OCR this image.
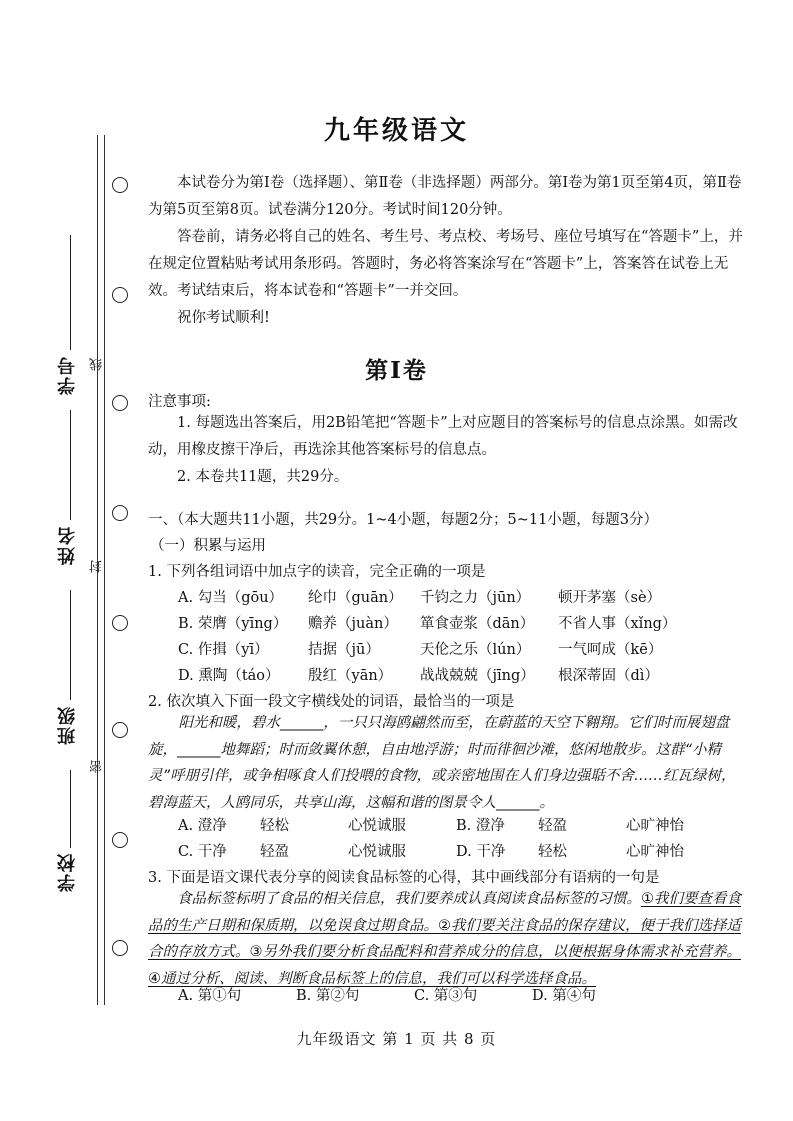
学号 线
姓名
封
班级
密
学校
九年级语文

本试卷分为第Ⅰ卷（选择题）、第Ⅱ卷（非选择题）两部分。第Ⅰ卷为第1页至第4页，第Ⅱ卷为第5页至第8页。试卷满分120分。考试时间120分钟。

答卷前，请务必将自己的姓名、考生号、考点校、考场号、座位号填写在“答题卡”上，并在规定位置粘贴考试用条形码。答题时，务必将答案涂写在“答题卡”上，答案答在试卷上无效。考试结束后，将本试卷和“答题卡”一并交回。

祝你考试顺利!

第Ⅰ卷
注意事项:

1. 每题选出答案后，用2B铅笔把“答题卡”上对应题目的答案标号的信息点涂黑。如需改动，用橡皮擦干净后，再选涂其他答案标号的信息点。

2. 本卷共11题，共29分。

一、（本大题共11小题，共29分。1~4小题，每题2分；5~11小题，每题3分）
（一）积累与运用
1. 下列各组词语中加点字的读音，完全正确的一项是
A. 勾当（gōu）	纶巾（guān）	千钧之力（jūn）	顿开茅塞（sè）
B. 荣膺（yīng）	赡养（juàn）	箪食壶浆（dān）	不省人事（xǐng）
C. 作揖（yī）	拮据（jū）	天伦之乐（lún）	一气呵成（kē）
D. 熏陶（táo）	殷红（yān）	战战兢兢（jīng）	根深蒂固（dì）
2. 依次填入下面一段文字横线处的词语，最恰当的一项是

阳光和暖，碧水______，一只只海鸥翩然而至，在蔚蓝的天空下翱翔。它们时而展翅盘旋，______地舞蹈；时而敛翼休憩，自由地浮游；时而徘徊沙滩，悠闲地散步。这群“小精灵”呼朋引伴，或争相啄食人们投喂的食物，或亲密地围在人们身边强聒不舍……红瓦绿树，碧海蓝天，人鸥同乐，共享山海，这幅和谐的图景令人______。

A. 澄净	轻松	心悦诚服	B. 澄净	轻盈	心旷神怡
C. 干净	轻盈	心悦诚服	D. 干净	轻松	心旷神怡
3. 下面是语文课代表分享的阅读食品标签的心得，其中画线部分有语病的一句是

食品标签标明了食品的相关信息，我们要养成认真阅读食品标签的习惯。①我们要查看食品的生产日期和保质期，以免误食过期食品。②我们要关注食品的保存建议，便于我们选择适合的存放方式。③另外我们要分析食品配料和营养成分的信息，以便根据身体需求补充营养。④通过分析、阅读、判断食品标签上的信息，我们可以科学选择食品。

A. 第①句	B. 第②句	C. 第③句	D. 第④句
九年级语文 第 1 页 共 8 页
